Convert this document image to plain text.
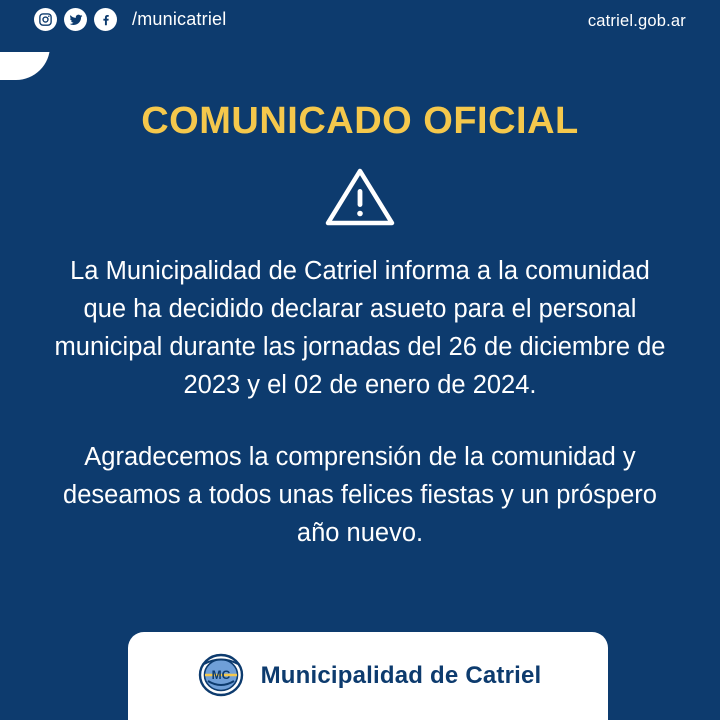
/municatriel	catriel.gob.ar
COMUNICADO OFICIAL

La Municipalidad de Catriel informa a la comunidad que ha decidido declarar asueto para el personal municipal durante las jornadas del 26 de diciembre de 2023 y el 02 de enero de 2024.

Agradecemos la comprensión de la comunidad y deseamos a todos unas felices fiestas y un próspero año nuevo.

MC Municipalidad de Catriel
